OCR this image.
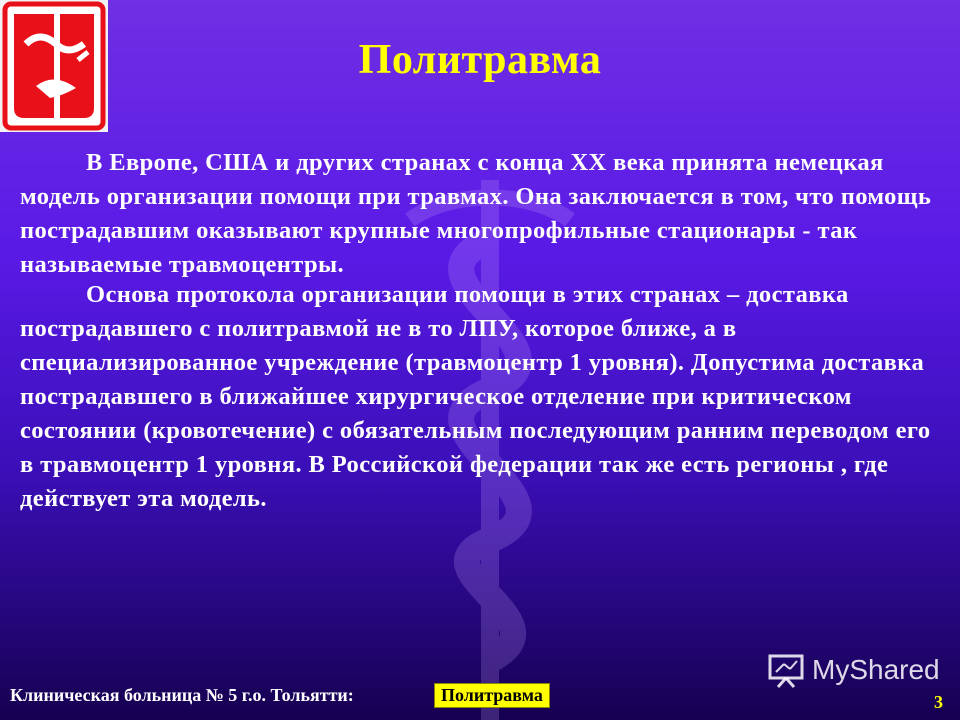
Политравма

В Европе, США и других странах с конца ХХ века принята немецкая модель организации помощи при травмах. Она заключается в том, что помощь пострадавшим оказывают крупные многопрофильные стационары - так называемые травмоцентры.

Основа протокола организации помощи в этих странах – доставка пострадавшего с политравмой не в то ЛПУ, которое ближе, а в специализированное учреждение (травмоцентр 1 уровня). Допустима доставка пострадавшего в ближайшее хирургическое отделение при критическом состоянии (кровотечение) с обязательным последующим ранним переводом его в травмоцентр 1 уровня. В Российской федерации так же есть регионы , где действует эта модель.

MyShared
Клиническая больница № 5 г.о. Тольятти:	Политравма	3
